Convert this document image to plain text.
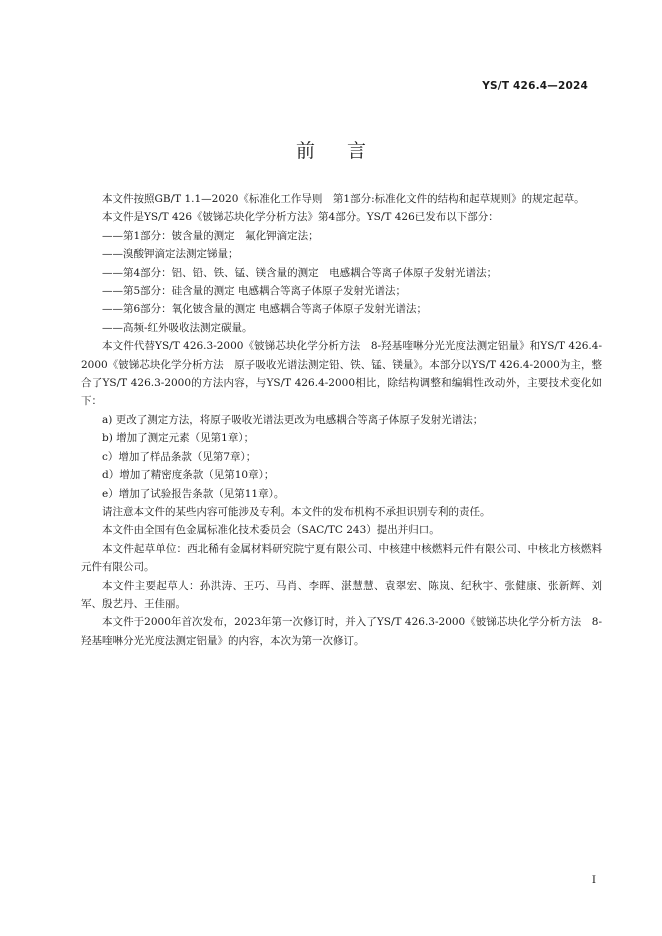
YS/T 426.4—2024
前言

本文件按照GB/T 1.1—2020《标准化工作导则　第1部分:标准化文件的结构和起草规则》的规定起草。

本文件是YS/T 426《铍锑芯块化学分析方法》第4部分。YS/T 426已发布以下部分：

——第1部分：铍含量的测定　氟化钾滴定法；

——溴酸钾滴定法测定锑量；

——第4部分：铝、铅、铁、锰、镁含量的测定　电感耦合等离子体原子发射光谱法；

——第5部分：硅含量的测定 电感耦合等离子体原子发射光谱法；

——第6部分：氧化铍含量的测定 电感耦合等离子体原子发射光谱法；

——高频-红外吸收法测定碳量。

本文件代替YS/T 426.3-2000《铍锑芯块化学分析方法　8-羟基喹啉分光光度法测定铝量》和YS/T 426.4-2000《铍锑芯块化学分析方法　原子吸收光谱法测定铅、铁、锰、镁量》。本部分以YS/T 426.4-2000为主，整合了YS/T 426.3-2000的方法内容，与YS/T 426.4-2000相比，除结构调整和编辑性改动外，主要技术变化如下：

a) 更改了测定方法，将原子吸收光谱法更改为电感耦合等离子体原子发射光谱法；

b) 增加了测定元素（见第1章）；

c）增加了样品条款（见第7章）；

d）增加了精密度条款（见第10章）；

e）增加了试验报告条款（见第11章）。

请注意本文件的某些内容可能涉及专利。本文件的发布机构不承担识别专利的责任。

本文件由全国有色金属标准化技术委员会（SAC/TC 243）提出并归口。

本文件起草单位：西北稀有金属材料研究院宁夏有限公司、中核建中核燃料元件有限公司、中核北方核燃料元件有限公司。

本文件主要起草人：孙洪涛、王巧、马肖、李晖、湛慧慧、袁翠宏、陈岚、纪秋宇、张健康、张新辉、刘军、殷艺丹、王佳丽。

本文件于2000年首次发布，2023年第一次修订时，并入了YS/T 426.3-2000《铍锑芯块化学分析方法　8-羟基喹啉分光光度法测定铝量》的内容，本次为第一次修订。

I
